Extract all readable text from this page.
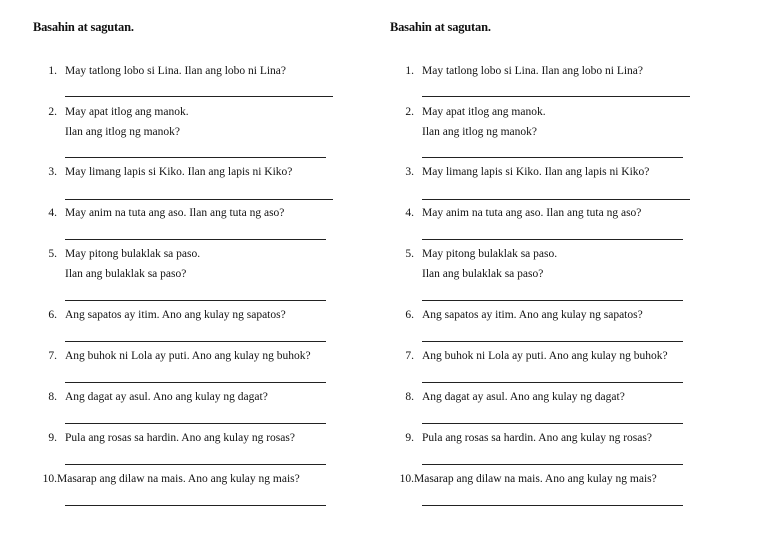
Basahin at sagutan.
1. May tatlong lobo si Lina. Ilan ang lobo ni Lina?
2. May apat itlog ang manok.
Ilan ang itlog ng manok?
3. May limang lapis si Kiko. Ilan ang lapis ni Kiko?
4. May anim na tuta ang aso. Ilan ang tuta ng aso?
5. May pitong bulaklak sa paso.
Ilan ang bulaklak sa paso?
6. Ang sapatos ay itim. Ano ang kulay ng sapatos?
7. Ang buhok ni Lola ay puti. Ano ang kulay ng buhok?
8. Ang dagat ay asul. Ano ang kulay ng dagat?
9. Pula ang rosas sa hardin. Ano ang kulay ng rosas?
10. Masarap ang dilaw na mais. Ano ang kulay ng mais?
Basahin at sagutan.
1. May tatlong lobo si Lina. Ilan ang lobo ni Lina?
2. May apat itlog ang manok.
Ilan ang itlog ng manok?
3. May limang lapis si Kiko. Ilan ang lapis ni Kiko?
4. May anim na tuta ang aso. Ilan ang tuta ng aso?
5. May pitong bulaklak sa paso.
Ilan ang bulaklak sa paso?
6. Ang sapatos ay itim. Ano ang kulay ng sapatos?
7. Ang buhok ni Lola ay puti. Ano ang kulay ng buhok?
8. Ang dagat ay asul. Ano ang kulay ng dagat?
9. Pula ang rosas sa hardin. Ano ang kulay ng rosas?
10. Masarap ang dilaw na mais. Ano ang kulay ng mais?
